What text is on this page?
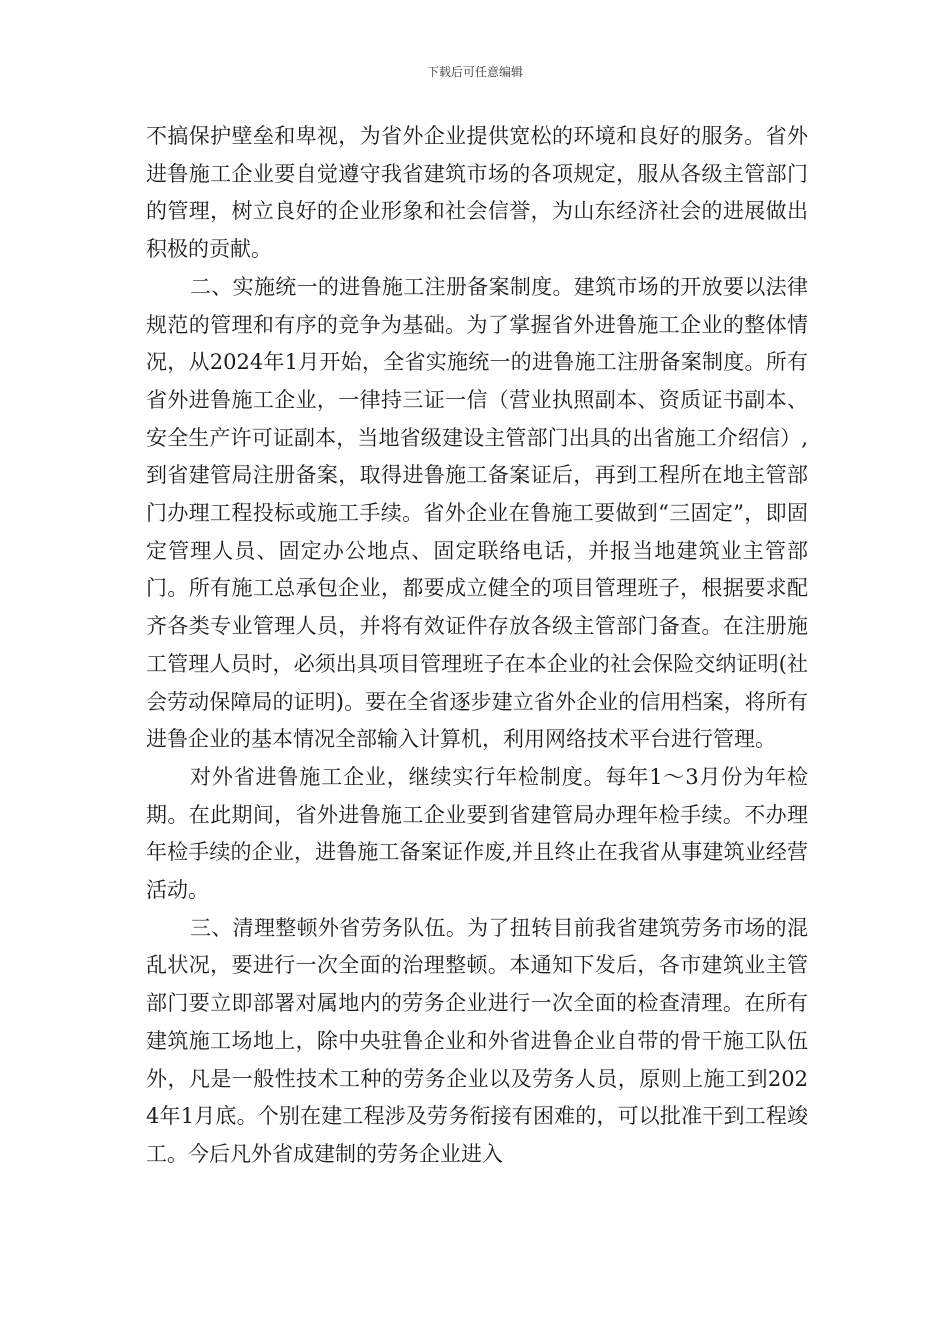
下载后可任意编辑

不搞保护壁垒和卑视，为省外企业提供宽松的环境和良好的服务。省外进鲁施工企业要自觉遵守我省建筑市场的各项规定，服从各级主管部门的管理，树立良好的企业形象和社会信誉，为山东经济社会的进展做出积极的贡献。

二、实施统一的进鲁施工注册备案制度。建筑市场的开放要以法律规范的管理和有序的竞争为基础。为了掌握省外进鲁施工企业的整体情况，从2024年1月开始，全省实施统一的进鲁施工注册备案制度。所有省外进鲁施工企业，一律持三证一信（营业执照副本、资质证书副本、安全生产许可证副本，当地省级建设主管部门出具的出省施工介绍信）,到省建管局注册备案，取得进鲁施工备案证后，再到工程所在地主管部门办理工程投标或施工手续。省外企业在鲁施工要做到“三固定”，即固定管理人员、固定办公地点、固定联络电话，并报当地建筑业主管部门。所有施工总承包企业，都要成立健全的项目管理班子，根据要求配齐各类专业管理人员，并将有效证件存放各级主管部门备查。在注册施工管理人员时，必须出具项目管理班子在本企业的社会保险交纳证明(社会劳动保障局的证明)。要在全省逐步建立省外企业的信用档案，将所有进鲁企业的基本情况全部输入计算机，利用网络技术平台进行管理。

对外省进鲁施工企业，继续实行年检制度。每年1～3月份为年检期。在此期间，省外进鲁施工企业要到省建管局办理年检手续。不办理年检手续的企业，进鲁施工备案证作废,并且终止在我省从事建筑业经营活动。

三、清理整顿外省劳务队伍。为了扭转目前我省建筑劳务市场的混乱状况，要进行一次全面的治理整顿。本通知下发后，各市建筑业主管部门要立即部署对属地内的劳务企业进行一次全面的检查清理。在所有建筑施工场地上，除中央驻鲁企业和外省进鲁企业自带的骨干施工队伍外，凡是一般性技术工种的劳务企业以及劳务人员，原则上施工到2024年1月底。个别在建工程涉及劳务衔接有困难的，可以批准干到工程竣工。今后凡外省成建制的劳务企业进入
